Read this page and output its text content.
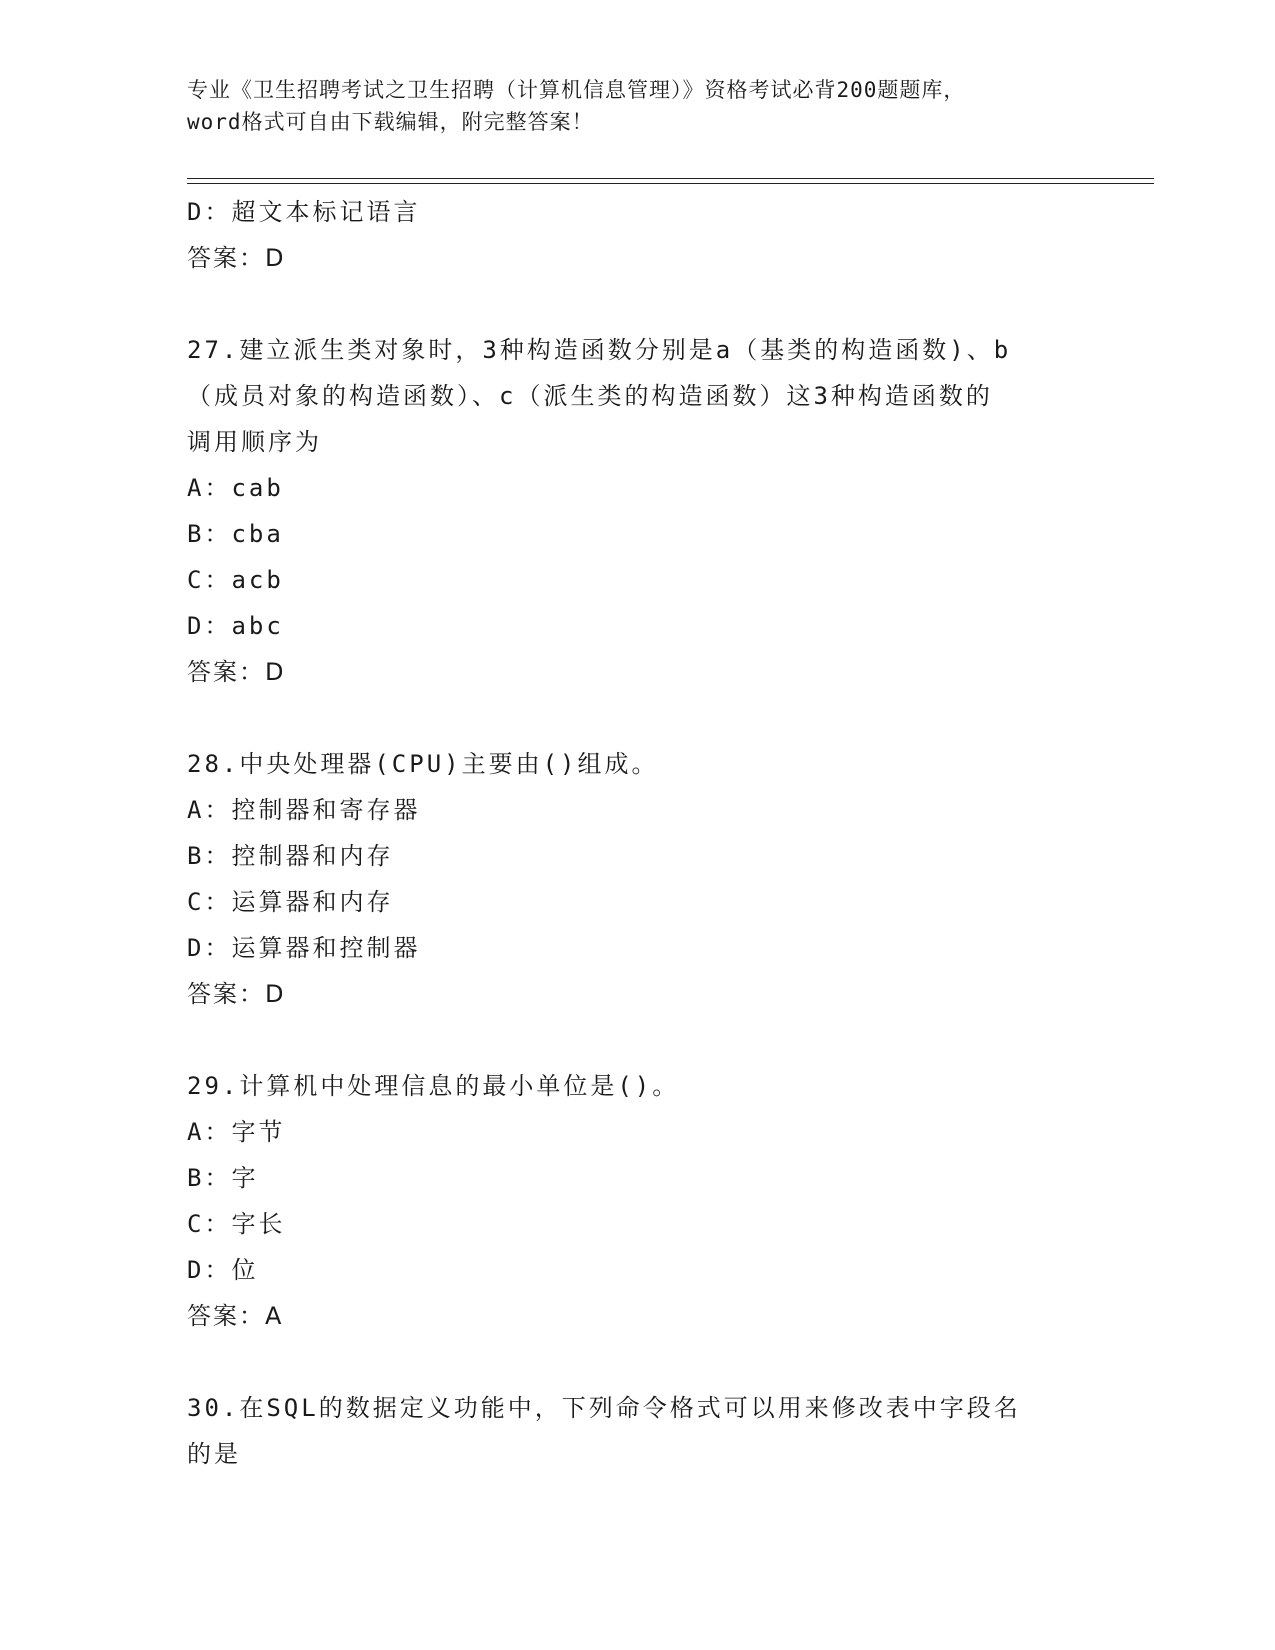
专业《卫生招聘考试之卫生招聘（计算机信息管理）》资格考试必背200题题库，
word格式可自由下载编辑，附完整答案！
D：超文本标记语言
答案：D
27.建立派生类对象时，3种构造函数分别是a（基类的构造函数)、b
（成员对象的构造函数）、c（派生类的构造函数）这3种构造函数的
调用顺序为
A：cab
B：cba
C：acb
D：abc
答案：D
28.中央处理器(CPU)主要由()组成。
A：控制器和寄存器
B：控制器和内存
C：运算器和内存
D：运算器和控制器
答案：D
29.计算机中处理信息的最小单位是()。
A：字节
B：字
C：字长
D：位
答案：A
30.在SQL的数据定义功能中，下列命令格式可以用来修改表中字段名
的是
